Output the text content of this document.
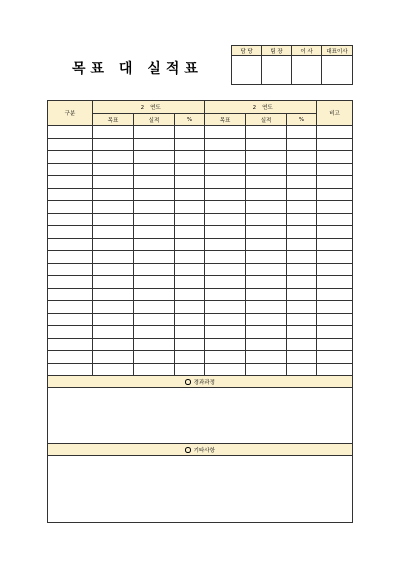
목표 대 실적표
담 당	팀 장	이 사	대표이사

구분	2 연도			2 연도			비고
	목표	실적	%	목표	실적	%	

경과과정							

기타사항							
